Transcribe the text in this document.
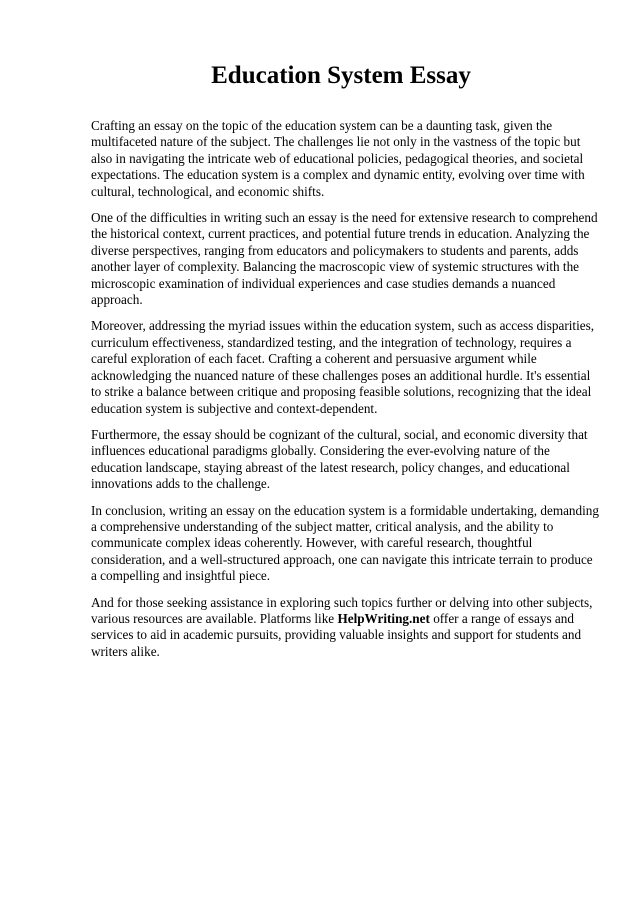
Education System Essay

Crafting an essay on the topic of the education system can be a daunting task, given the multifaceted nature of the subject. The challenges lie not only in the vastness of the topic but also in navigating the intricate web of educational policies, pedagogical theories, and societal expectations. The education system is a complex and dynamic entity, evolving over time with cultural, technological, and economic shifts.

One of the difficulties in writing such an essay is the need for extensive research to comprehend the historical context, current practices, and potential future trends in education. Analyzing the diverse perspectives, ranging from educators and policymakers to students and parents, adds another layer of complexity. Balancing the macroscopic view of systemic structures with the microscopic examination of individual experiences and case studies demands a nuanced approach.

Moreover, addressing the myriad issues within the education system, such as access disparities, curriculum effectiveness, standardized testing, and the integration of technology, requires a careful exploration of each facet. Crafting a coherent and persuasive argument while acknowledging the nuanced nature of these challenges poses an additional hurdle. It's essential to strike a balance between critique and proposing feasible solutions, recognizing that the ideal education system is subjective and context-dependent.

Furthermore, the essay should be cognizant of the cultural, social, and economic diversity that influences educational paradigms globally. Considering the ever-evolving nature of the education landscape, staying abreast of the latest research, policy changes, and educational innovations adds to the challenge.

In conclusion, writing an essay on the education system is a formidable undertaking, demanding a comprehensive understanding of the subject matter, critical analysis, and the ability to communicate complex ideas coherently. However, with careful research, thoughtful consideration, and a well-structured approach, one can navigate this intricate terrain to produce a compelling and insightful piece.

And for those seeking assistance in exploring such topics further or delving into other subjects, various resources are available. Platforms like HelpWriting.net offer a range of essays and services to aid in academic pursuits, providing valuable insights and support for students and writers alike.
